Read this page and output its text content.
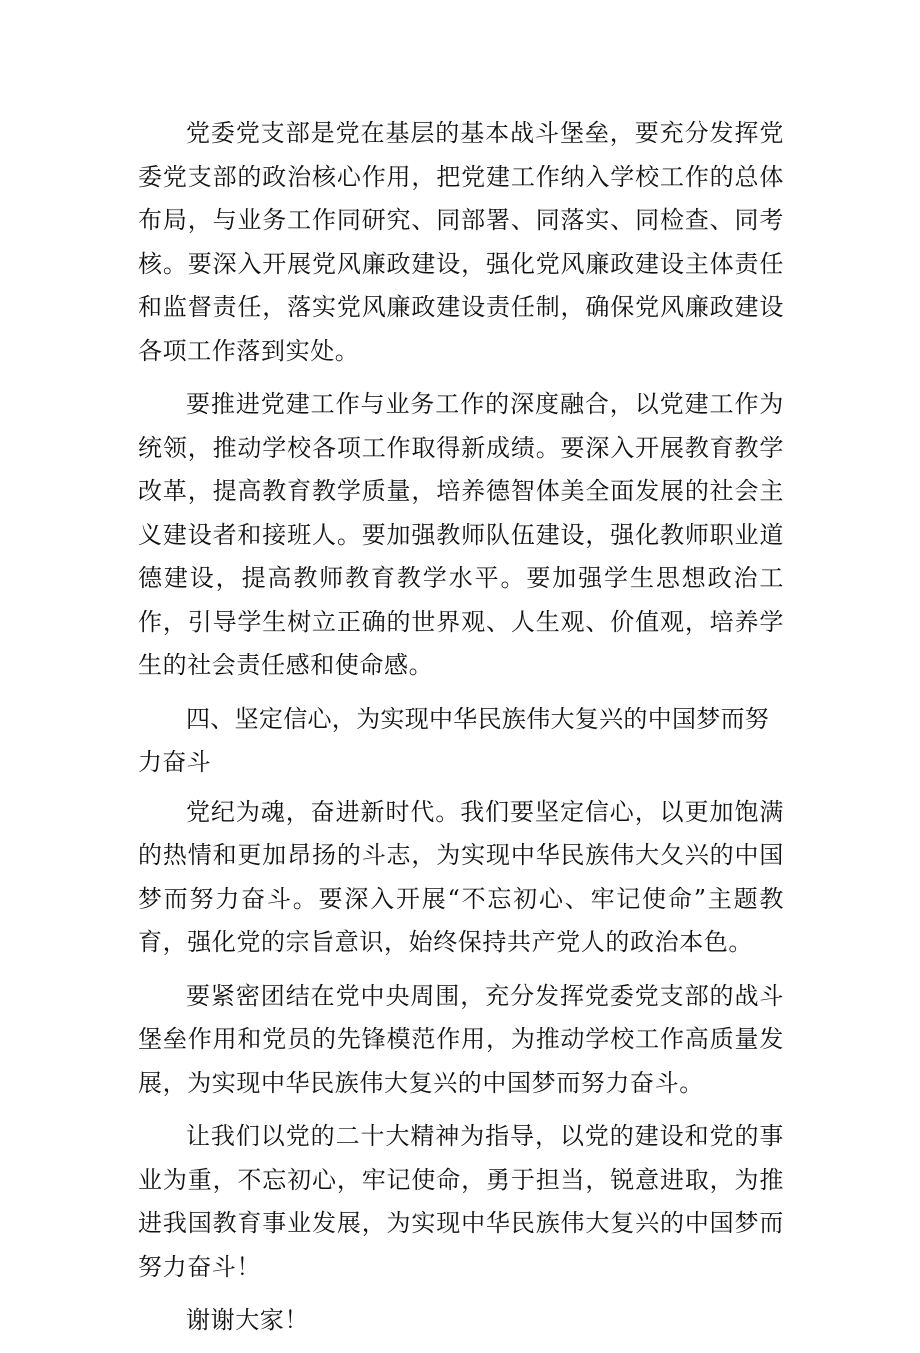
党委党支部是党在基层的基本战斗堡垒，要充分发挥党委党支部的政治核心作用，把党建工作纳入学校工作的总体布局，与业务工作同研究、同部署、同落实、同检查、同考核。要深入开展党风廉政建设，强化党风廉政建设主体责任和监督责任，落实党风廉政建设责任制，确保党风廉政建设各项工作落到实处。

要推进党建工作与业务工作的深度融合，以党建工作为统领，推动学校各项工作取得新成绩。要深入开展教育教学改革，提高教育教学质量，培养德智体美全面发展的社会主义建设者和接班人。要加强教师队伍建设，强化教师职业道德建设，提高教师教育教学水平。要加强学生思想政治工作，引导学生树立正确的世界观、人生观、价值观，培养学生的社会责任感和使命感。

四、坚定信心，为实现中华民族伟大复兴的中国梦而努力奋斗

党纪为魂，奋进新时代。我们要坚定信心，以更加饱满的热情和更加昂扬的斗志，为实现中华民族伟大夂兴的中国梦而努力奋斗。要深入开展“不忘初心、牢记使命”主题教育，强化党的宗旨意识，始终保持共产党人的政治本色。

要紧密团结在党中央周围，充分发挥党委党支部的战斗堡垒作用和党员的先锋模范作用，为推动学校工作高质量发展，为实现中华民族伟大复兴的中国梦而努力奋斗。

让我们以党的二十大精神为指导，以党的建设和党的事业为重，不忘初心，牢记使命，勇于担当，锐意进取，为推进我国教育事业发展，为实现中华民族伟大复兴的中国梦而努力奋斗！

谢谢大家！
